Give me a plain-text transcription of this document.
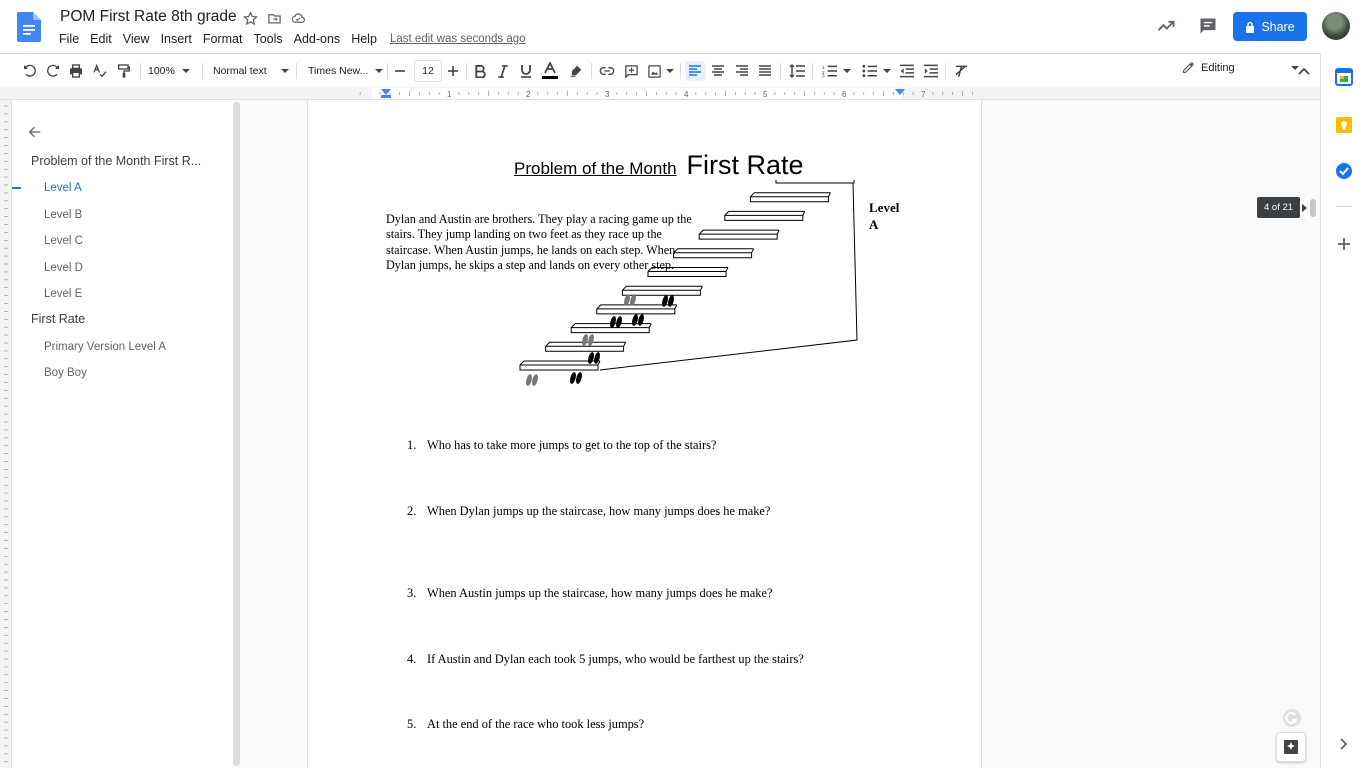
POM First Rate 8th grade
File Edit View Insert Format Tools Add-ons Help Last edit was seconds ago
Share
100%	Normal text	Times New...	12	1
2
3
Editing
1	2	3	4	5	6	7
Problem of the Month First R...
Level A
Level B
Level C
Level D
Level E
First Rate
Primary Version Level A
Boy Boy
Problem of the Month First Rate
Level
A
Dylan and Austin are brothers. They play a racing game up the stairs. They jump landing on two feet as they race up the staircase. When Austin jumps, he lands on each step. When Dylan jumps, he skips a step and lands on every other step.
1. Who has to take more jumps to get to the top of the stairs?
2. When Dylan jumps up the staircase, how many jumps does he make?
3. When Austin jumps up the staircase, how many jumps does he make?
4. If Austin and Dylan each took 5 jumps, who would be farthest up the stairs?
5. At the end of the race who took less jumps?
4 of 21
